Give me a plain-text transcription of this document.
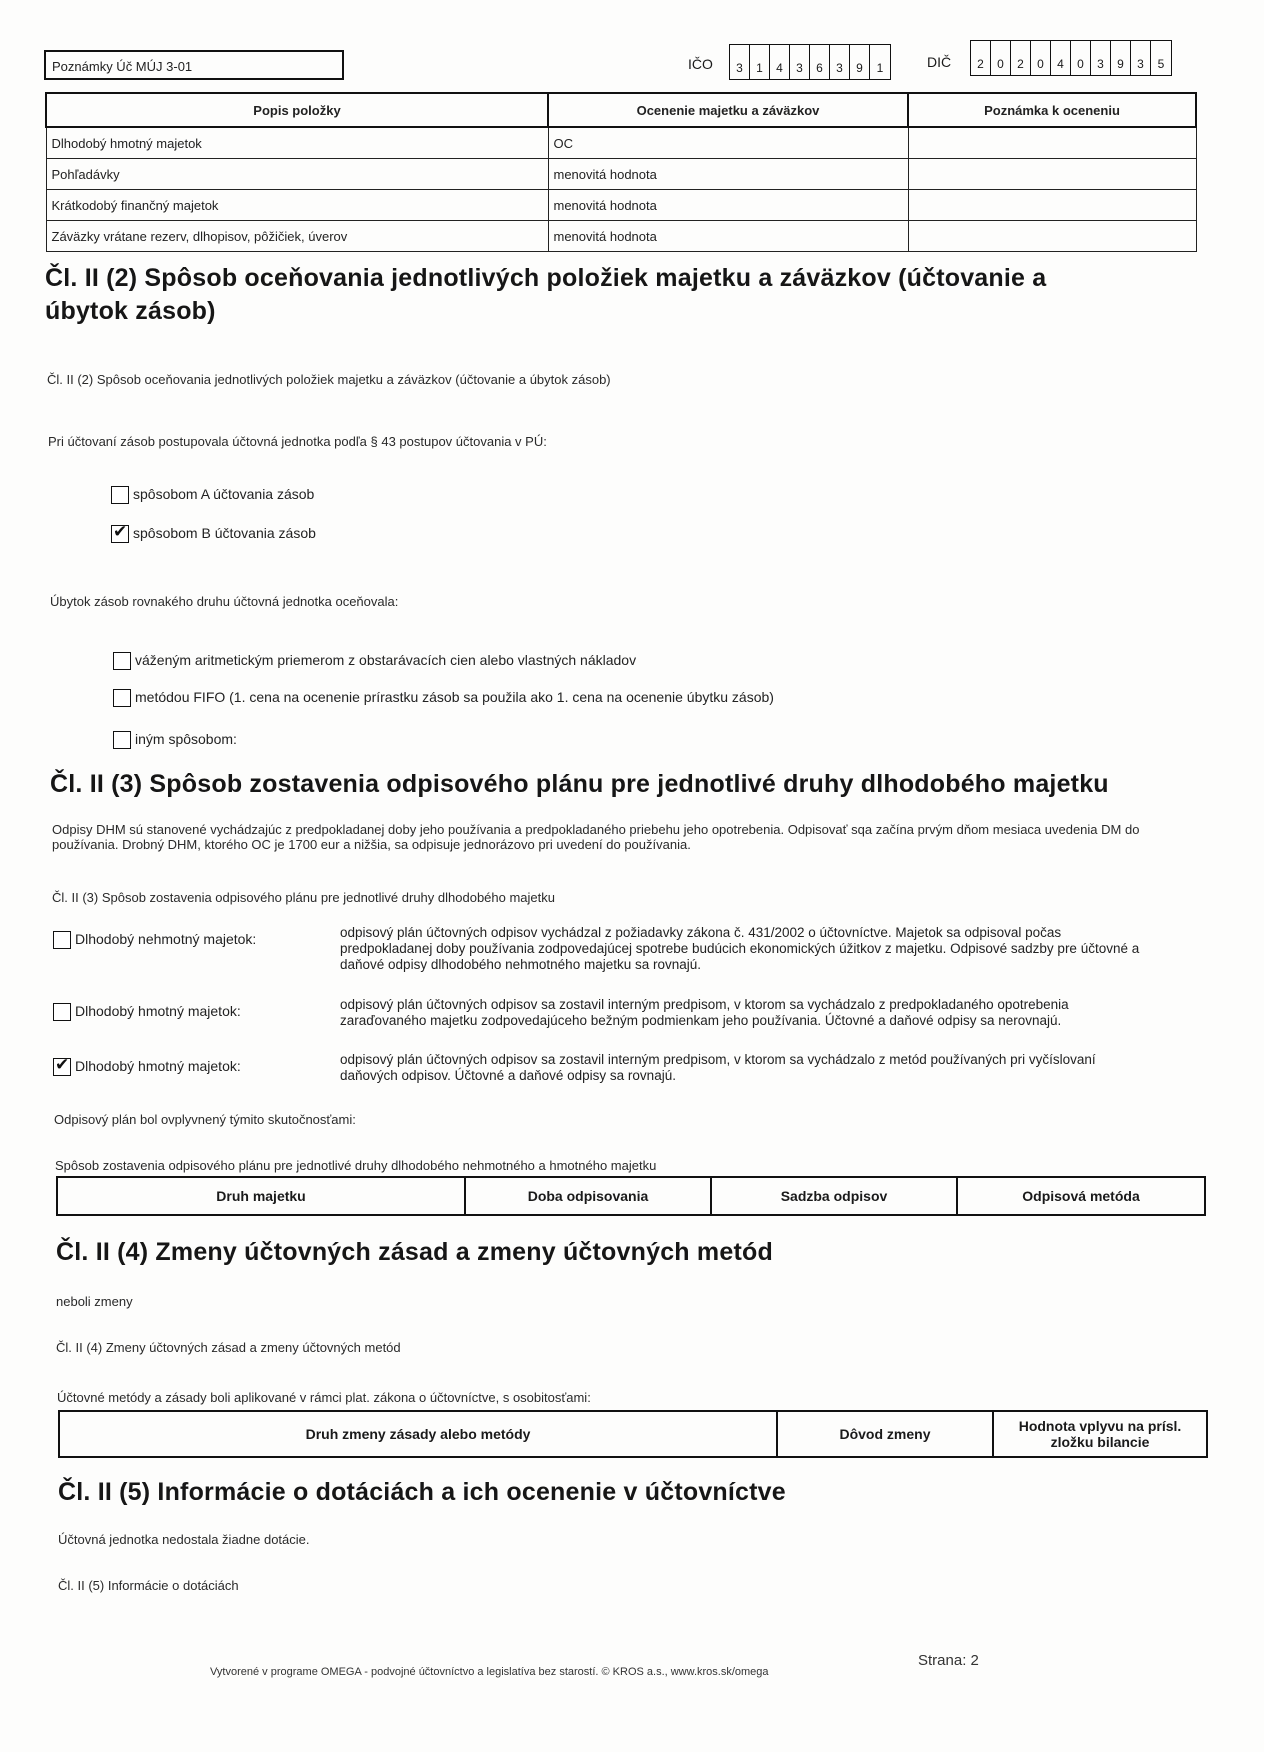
Poznámky Úč MÚJ 3-01	IČO	3	1	4	3	6	3	9	1	DIČ	2	0	2	0	4	0	3	9	3	5
Popis položky	Ocenenie majetku a záväzkov	Poznámka k oceneniu
Dlhodobý hmotný majetok	OC	
Pohľadávky	menovitá hodnota	
Krátkodobý finančný majetok	menovitá hodnota	
Záväzky vrátane rezerv, dlhopisov, pôžičiek, úverov	menovitá hodnota	
Čl. II (2) Spôsob oceňovania jednotlivých položiek majetku a záväzkov (účtovanie a úbytok zásob)
Čl. II (2) Spôsob oceňovania jednotlivých položiek majetku a záväzkov (účtovanie a úbytok zásob)
Pri účtovaní zásob postupovala účtovná jednotka podľa § 43 postupov účtovania v PÚ:
spôsobom A účtovania zásob
✔ spôsobom B účtovania zásob
Úbytok zásob rovnakého druhu účtovná jednotka oceňovala:
váženým aritmetickým priemerom z obstarávacích cien alebo vlastných nákladov
metódou FIFO (1. cena na ocenenie prírastku zásob sa použila ako 1. cena na ocenenie úbytku zásob)
iným spôsobom:
Čl. II (3) Spôsob zostavenia odpisového plánu pre jednotlivé druhy dlhodobého majetku
Odpisy DHM sú stanovené vychádzajúc z predpokladanej doby jeho používania a predpokladaného priebehu jeho opotrebenia. Odpisovať sqa začína prvým dňom mesiaca uvedenia DM do používania. Drobný DHM, ktorého OC je 1700 eur a nižšia, sa odpisuje jednorázovo pri uvedení do používania.
Čl. II (3) Spôsob zostavenia odpisového plánu pre jednotlivé druhy dlhodobého majetku
Dlhodobý nehmotný majetok:	odpisový plán účtovných odpisov vychádzal z požiadavky zákona č. 431/2002 o účtovníctve. Majetok sa odpisoval počas predpokladanej doby používania zodpovedajúcej spotrebe budúcich ekonomických úžitkov z majetku. Odpisové sadzby pre účtovné a daňové odpisy dlhodobého nehmotného majetku sa rovnajú.
Dlhodobý hmotný majetok:	odpisový plán účtovných odpisov sa zostavil interným predpisom, v ktorom sa vychádzalo z predpokladaného opotrebenia zaraďovaného majetku zodpovedajúceho bežným podmienkam jeho používania. Účtovné a daňové odpisy sa nerovnajú.
✔ Dlhodobý hmotný majetok:	odpisový plán účtovných odpisov sa zostavil interným predpisom, v ktorom sa vychádzalo z metód používaných pri vyčíslovaní daňových odpisov. Účtovné a daňové odpisy sa rovnajú.
Odpisový plán bol ovplyvnený týmito skutočnosťami:
Spôsob zostavenia odpisového plánu pre jednotlivé druhy dlhodobého nehmotného a hmotného majetku
Druh majetku	Doba odpisovania	Sadzba odpisov	Odpisová metóda
Čl. II (4) Zmeny účtovných zásad a zmeny účtovných metód
neboli zmeny
Čl. II (4) Zmeny účtovných zásad a zmeny účtovných metód
Účtovné metódy a zásady boli aplikované v rámci plat. zákona o účtovníctve, s osobitosťami:
Druh zmeny zásady alebo metódy	Dôvod zmeny	Hodnota vplyvu na prísl. zložku bilancie
Čl. II (5) Informácie o dotáciách a ich ocenenie v účtovníctve
Účtovná jednotka nedostala žiadne dotácie.
Čl. II (5) Informácie o dotáciách
Vytvorené v programe OMEGA - podvojné účtovníctvo a legislatíva bez starostí. © KROS a.s., www.kros.sk/omega
Strana: 2
